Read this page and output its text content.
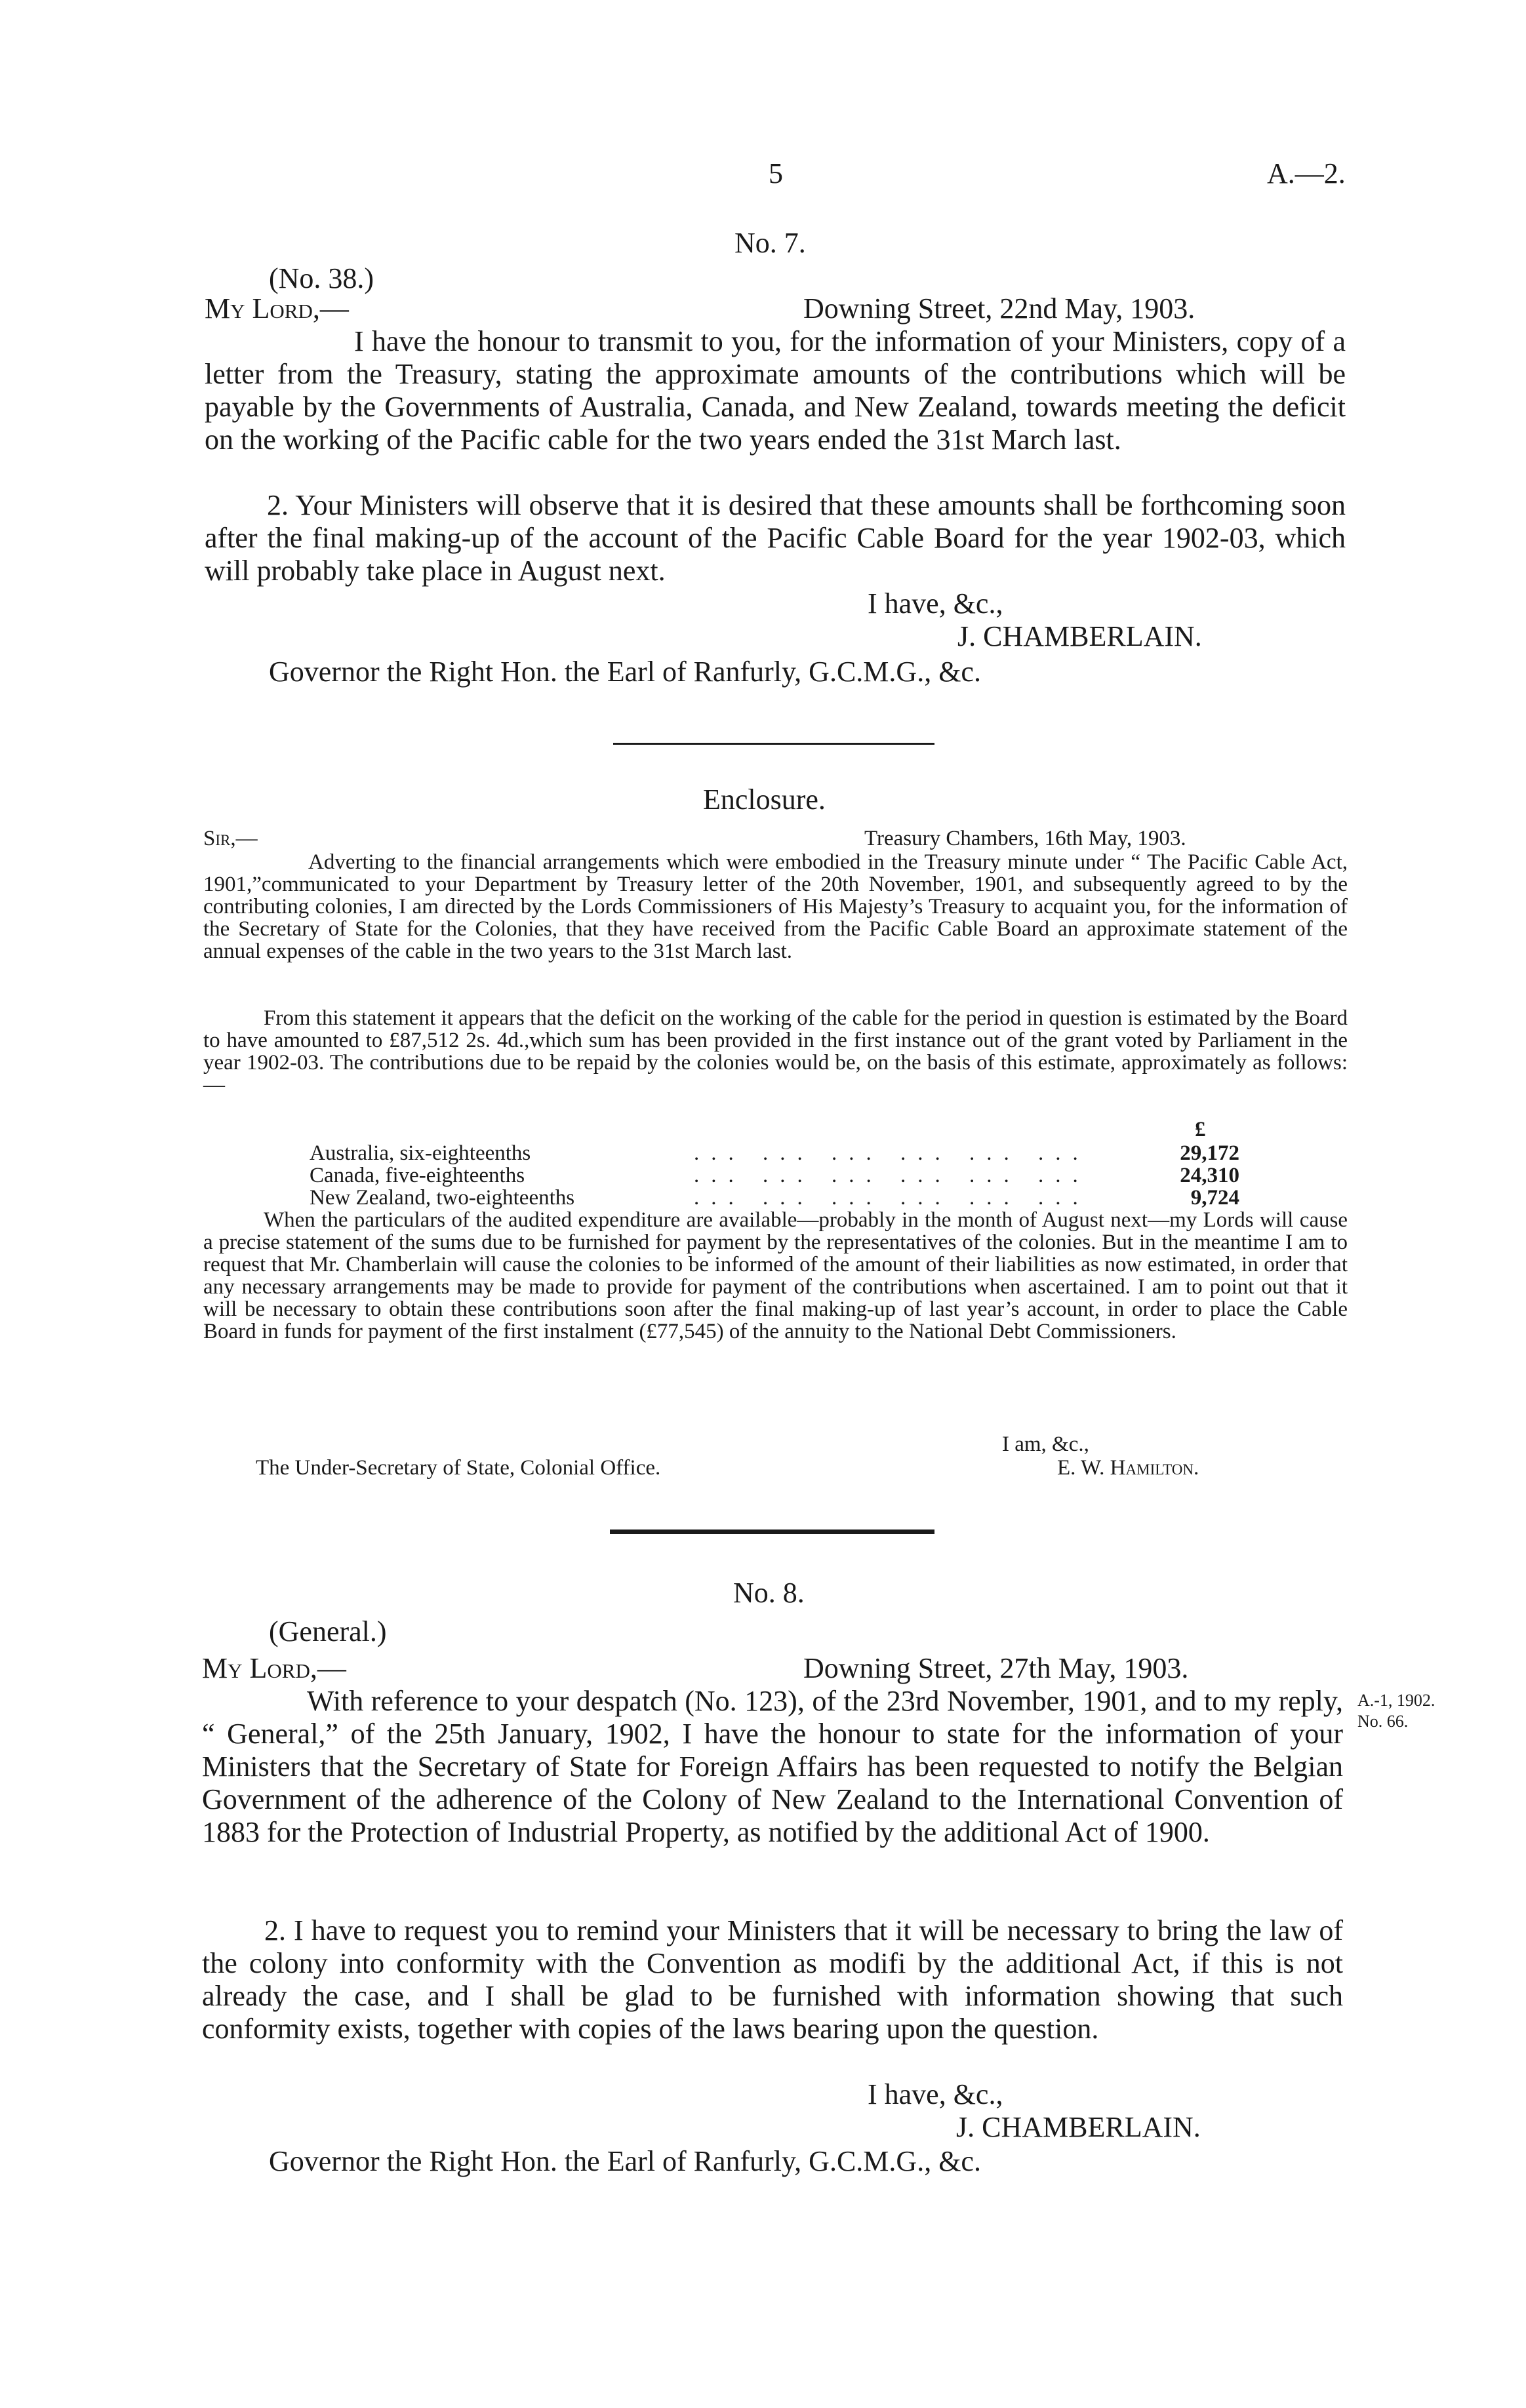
5	A.—2.
No. 7.
(No. 38.)
My Lord,—	Downing Street, 22nd May, 1903.

I have the honour to transmit to you, for the information of your Ministers, copy of a letter from the Treasury, stating the approximate amounts of the contributions which will be payable by the Governments of Australia, Canada, and New Zealand, towards meeting the deficit on the working of the Pacific cable for the two years ended the 31st March last.

2. Your Ministers will observe that it is desired that these amounts shall be forthcoming soon after the final making-up of the account of the Pacific Cable Board for the year 1902-03, which will probably take place in August next.

I have, &c.,
J. CHAMBERLAIN.
Governor the Right Hon. the Earl of Ranfurly, G.C.M.G., &c.
Enclosure.
Sir,—	Treasury Chambers, 16th May, 1903.

Adverting to the financial arrangements which were embodied in the Treasury minute under “ The Pacific Cable Act, 1901,”communicated to your Department by Treasury letter of the 20th November, 1901, and subsequently agreed to by the contributing colonies, I am directed by the Lords Commissioners of His Majesty’s Treasury to acquaint you, for the information of the Secretary of State for the Colonies, that they have received from the Pacific Cable Board an approximate statement of the annual expenses of the cable in the two years to the 31st March last.

From this statement it appears that the deficit on the working of the cable for the period in question is estimated by the Board to have amounted to £87,512 2s. 4d.,which sum has been provided in the first instance out of the grant voted by Parliament in the year 1902-03. The contributions due to be repaid by the colonies would be, on the basis of this estimate, approximately as follows:—

£
Australia, six-eighteenths	... ... ... ... ... ...	29,172
Canada, five-eighteenths	... ... ... ... ... ...	24,310
New Zealand, two-eighteenths	... ... ... ... ... ...	9,724

When the particulars of the audited expenditure are available—probably in the month of August next—my Lords will cause a precise statement of the sums due to be furnished for payment by the representatives of the colonies. But in the meantime I am to request that Mr. Chamberlain will cause the colonies to be informed of the amount of their liabilities as now estimated, in order that any necessary arrangements may be made to provide for payment of the contributions when ascertained. I am to point out that it will be necessary to obtain these contributions soon after the final making-up of last year’s account, in order to place the Cable Board in funds for payment of the first instalment (£77,545) of the annuity to the National Debt Commissioners.

I am, &c.,
The Under-Secretary of State, Colonial Office.	E. W. Hamilton.
No. 8.
(General.)
My Lord,—	Downing Street, 27th May, 1903.
A.-1, 1902.
No. 66.

With reference to your despatch (No. 123), of the 23rd November, 1901, and to my reply, “ General,” of the 25th January, 1902, I have the honour to state for the information of your Ministers that the Secretary of State for Foreign Affairs has been requested to notify the Belgian Government of the adherence of the Colony of New Zealand to the International Convention of 1883 for the Protection of Industrial Property, as notified by the additional Act of 1900.

2. I have to request you to remind your Ministers that it will be necessary to bring the law of the colony into conformity with the Convention as modifi by the additional Act, if this is not already the case, and I shall be glad to be furnished with information showing that such conformity exists, together with copies of the laws bearing upon the question.

I have, &c.,
J. CHAMBERLAIN.
Governor the Right Hon. the Earl of Ranfurly, G.C.M.G., &c.
